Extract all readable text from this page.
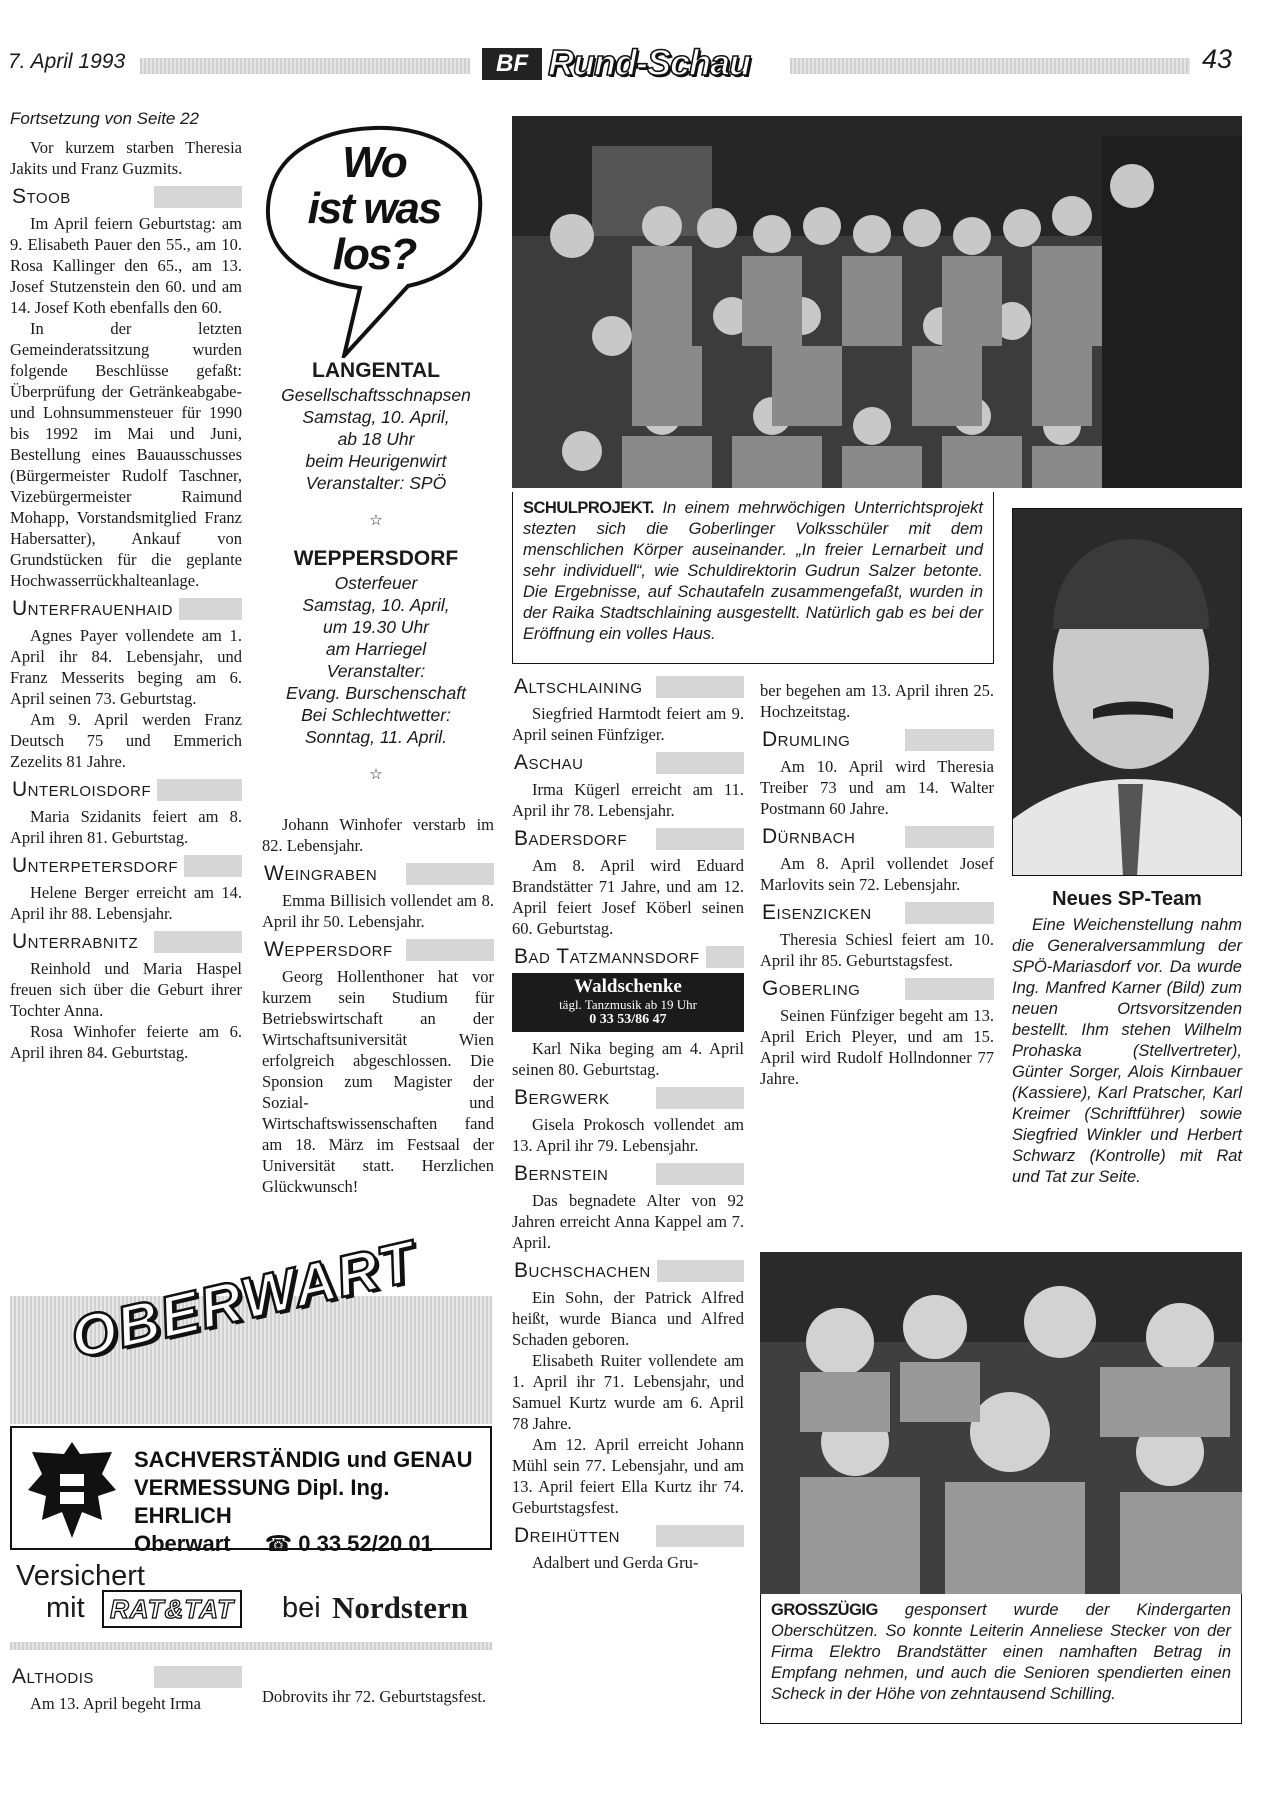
7. April 1993	BF Rund-Schau	43

Fortsetzung von Seite 22

Vor kurzem starben Theresia Jakits und Franz Guzmits.

Stoob

Im April feiern Geburtstag: am 9. Elisabeth Pauer den 55., am 10. Rosa Kallinger den 65., am 13. Josef Stutzenstein den 60. und am 14. Josef Koth ebenfalls den 60.

In der letzten Gemeinderatssitzung wurden folgende Beschlüsse gefaßt: Überprüfung der Getränkeabgabe- und Lohnsummensteuer für 1990 bis 1992 im Mai und Juni, Bestellung eines Bauausschusses (Bürgermeister Rudolf Taschner, Vizebürgermeister Raimund Mohapp, Vorstandsmitglied Franz Habersatter), Ankauf von Grundstücken für die geplante Hochwasserrückhalteanlage.

Unterfrauenhaid

Agnes Payer vollendete am 1. April ihr 84. Lebensjahr, und Franz Messerits beging am 6. April seinen 73. Geburtstag.

Am 9. April werden Franz Deutsch 75 und Emmerich Zezelits 81 Jahre.

Unterloisdorf

Maria Szidanits feiert am 8. April ihren 81. Geburtstag.

Unterpetersdorf

Helene Berger erreicht am 14. April ihr 88. Lebensjahr.

Unterrabnitz

Reinhold und Maria Haspel freuen sich über die Geburt ihrer Tochter Anna.

Rosa Winhofer feierte am 6. April ihren 84. Geburtstag.

Wo
ist was
los?
LANGENTAL
Gesellschaftsschnapsen
Samstag, 10. April,
ab 18 Uhr
beim Heurigenwirt
Veranstalter: SPÖ
☆
WEPPERSDORF
Osterfeuer
Samstag, 10. April,
um 19.30 Uhr
am Harriegel
Veranstalter:
Evang. Burschenschaft
Bei Schlechtwetter:
Sonntag, 11. April.
☆

Johann Winhofer verstarb im 82. Lebensjahr.

Weingraben

Emma Billisich vollendet am 8. April ihr 50. Lebensjahr.

Weppersdorf

Georg Hollenthoner hat vor kurzem sein Studium für Betriebswirtschaft an der Wirtschaftsuniversität Wien erfolgreich abgeschlossen. Die Sponsion zum Magister der Sozial- und Wirtschaftswissenschaften fand am 18. März im Festsaal der Universität statt. Herzlichen Glückwunsch!

SCHULPROJEKT. In einem mehrwöchigen Unterrichtsprojekt stezten sich die Goberlinger Volksschüler mit dem menschlichen Körper auseinander. „In freier Lernarbeit und sehr individuell“, wie Schuldirektorin Gudrun Salzer betonte. Die Ergebnisse, auf Schautafeln zusammengefaßt, wurden in der Raika Stadtschlaining ausgestellt. Natürlich gab es bei der Eröffnung ein volles Haus.

Altschlaining

Siegfried Harmtodt feiert am 9. April seinen Fünfziger.

Aschau

Irma Kügerl erreicht am 11. April ihr 78. Lebensjahr.

Badersdorf

Am 8. April wird Eduard Brandstätter 71 Jahre, und am 12. April feiert Josef Köberl seinen 60. Geburtstag.

Bad Tatzmannsdorf
Waldschenke
tägl. Tanzmusik ab 19 Uhr
0 33 53/86 47

Karl Nika beging am 4. April seinen 80. Geburtstag.

Bergwerk

Gisela Prokosch vollendet am 13. April ihr 79. Lebensjahr.

Bernstein

Das begnadete Alter von 92 Jahren erreicht Anna Kappel am 7. April.

Buchschachen

Ein Sohn, der Patrick Alfred heißt, wurde Bianca und Alfred Schaden geboren.

Elisabeth Ruiter vollendete am 1. April ihr 71. Lebensjahr, und Samuel Kurtz wurde am 6. April 78 Jahre.

Am 12. April erreicht Johann Mühl sein 77. Lebensjahr, und am 13. April feiert Ella Kurtz ihr 74. Geburtstagsfest.

Dreihütten

Adalbert und Gerda Gru-

ber begehen am 13. April ihren 25. Hochzeitstag.

Drumling

Am 10. April wird Theresia Treiber 73 und am 14. Walter Postmann 60 Jahre.

Dürnbach

Am 8. April vollendet Josef Marlovits sein 72. Lebensjahr.

Eisenzicken

Theresia Schiesl feiert am 10. April ihr 85. Geburtstagsfest.

Goberling

Seinen Fünfziger begeht am 13. April Erich Pleyer, und am 15. April wird Rudolf Hollndonner 77 Jahre.

Neues SP-Team

Eine Weichenstellung nahm die Generalversammlung der SPÖ-Mariasdorf vor. Da wurde Ing. Manfred Karner (Bild) zum neuen Ortsvorsitzenden bestellt. Ihm stehen Wilhelm Prohaska (Stellvertreter), Günter Sorger, Alois Kirnbauer (Kassiere), Karl Pratscher, Karl Kreimer (Schriftführer) sowie Siegfried Winkler und Herbert Schwarz (Kontrolle) mit Rat und Tat zur Seite.

GROSSZÜGIG gesponsert wurde der Kindergarten Oberschützen. So konnte Leiterin Anneliese Stecker von der Firma Elektro Brandstätter einen namhaften Betrag in Empfang nehmen, und auch die Senioren spendierten einen Scheck in der Höhe von zehntausend Schilling.

OBERWART
SACHVERSTÄNDIG und GENAU
VERMESSUNG Dipl. Ing. EHRLICH
Oberwart ☎ 0 33 52/20 01
Versichert
mit RAT&TAT bei Nordstern
Althodis

Am 13. April begeht Irma	Dobrovits ihr 72. Geburtstagsfest.
